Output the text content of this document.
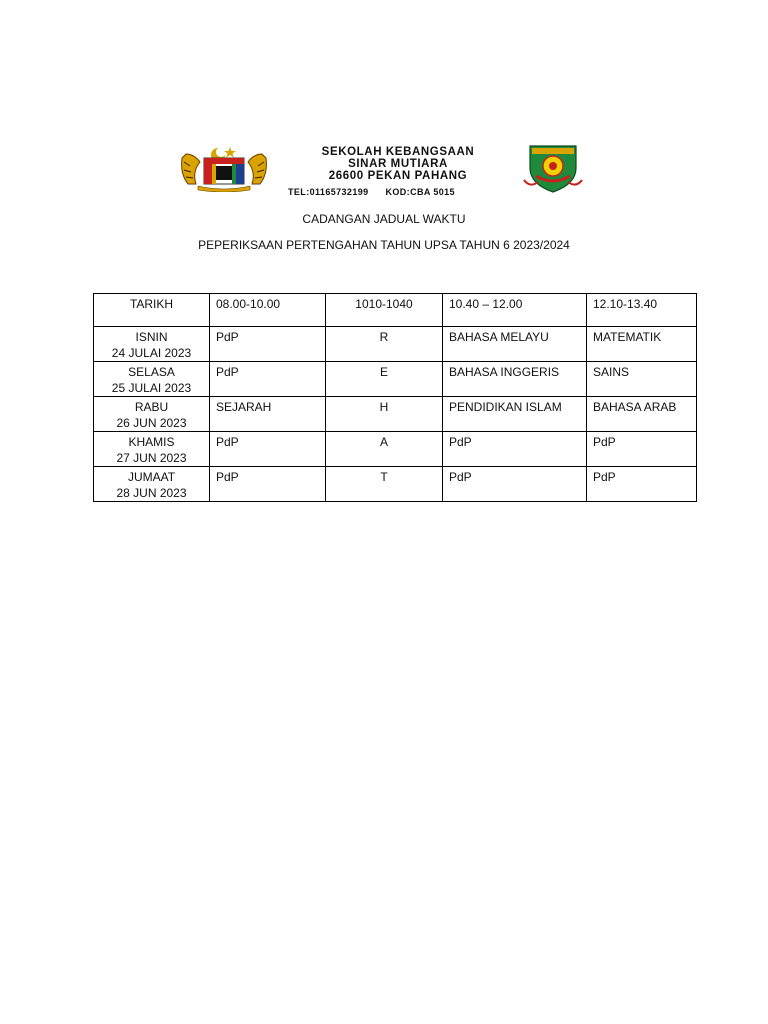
SEKOLAH KEBANGSAAN

SINAR MUTIARA

26600 PEKAN PAHANG

TEL:01165732199 KOD:CBA 5015
CADANGAN JADUAL WAKTU
PEPERIKSAAN PERTENGAHAN TAHUN UPSA TAHUN 6 2023/2024
TARIKH	08.00-10.00	1010-1040	10.40 – 12.00	12.10-13.40

ISNIN
24 JULAI 2023	PdP	R	BAHASA MELAYU	MATEMATIK

SELASA
25 JULAI 2023	PdP	E	BAHASA INGGERIS	SAINS

RABU
26 JUN 2023	SEJARAH	H	PENDIDIKAN ISLAM	BAHASA ARAB

KHAMIS
27 JUN 2023	PdP	A	PdP	PdP

JUMAAT
28 JUN 2023	PdP	T	PdP	PdP
